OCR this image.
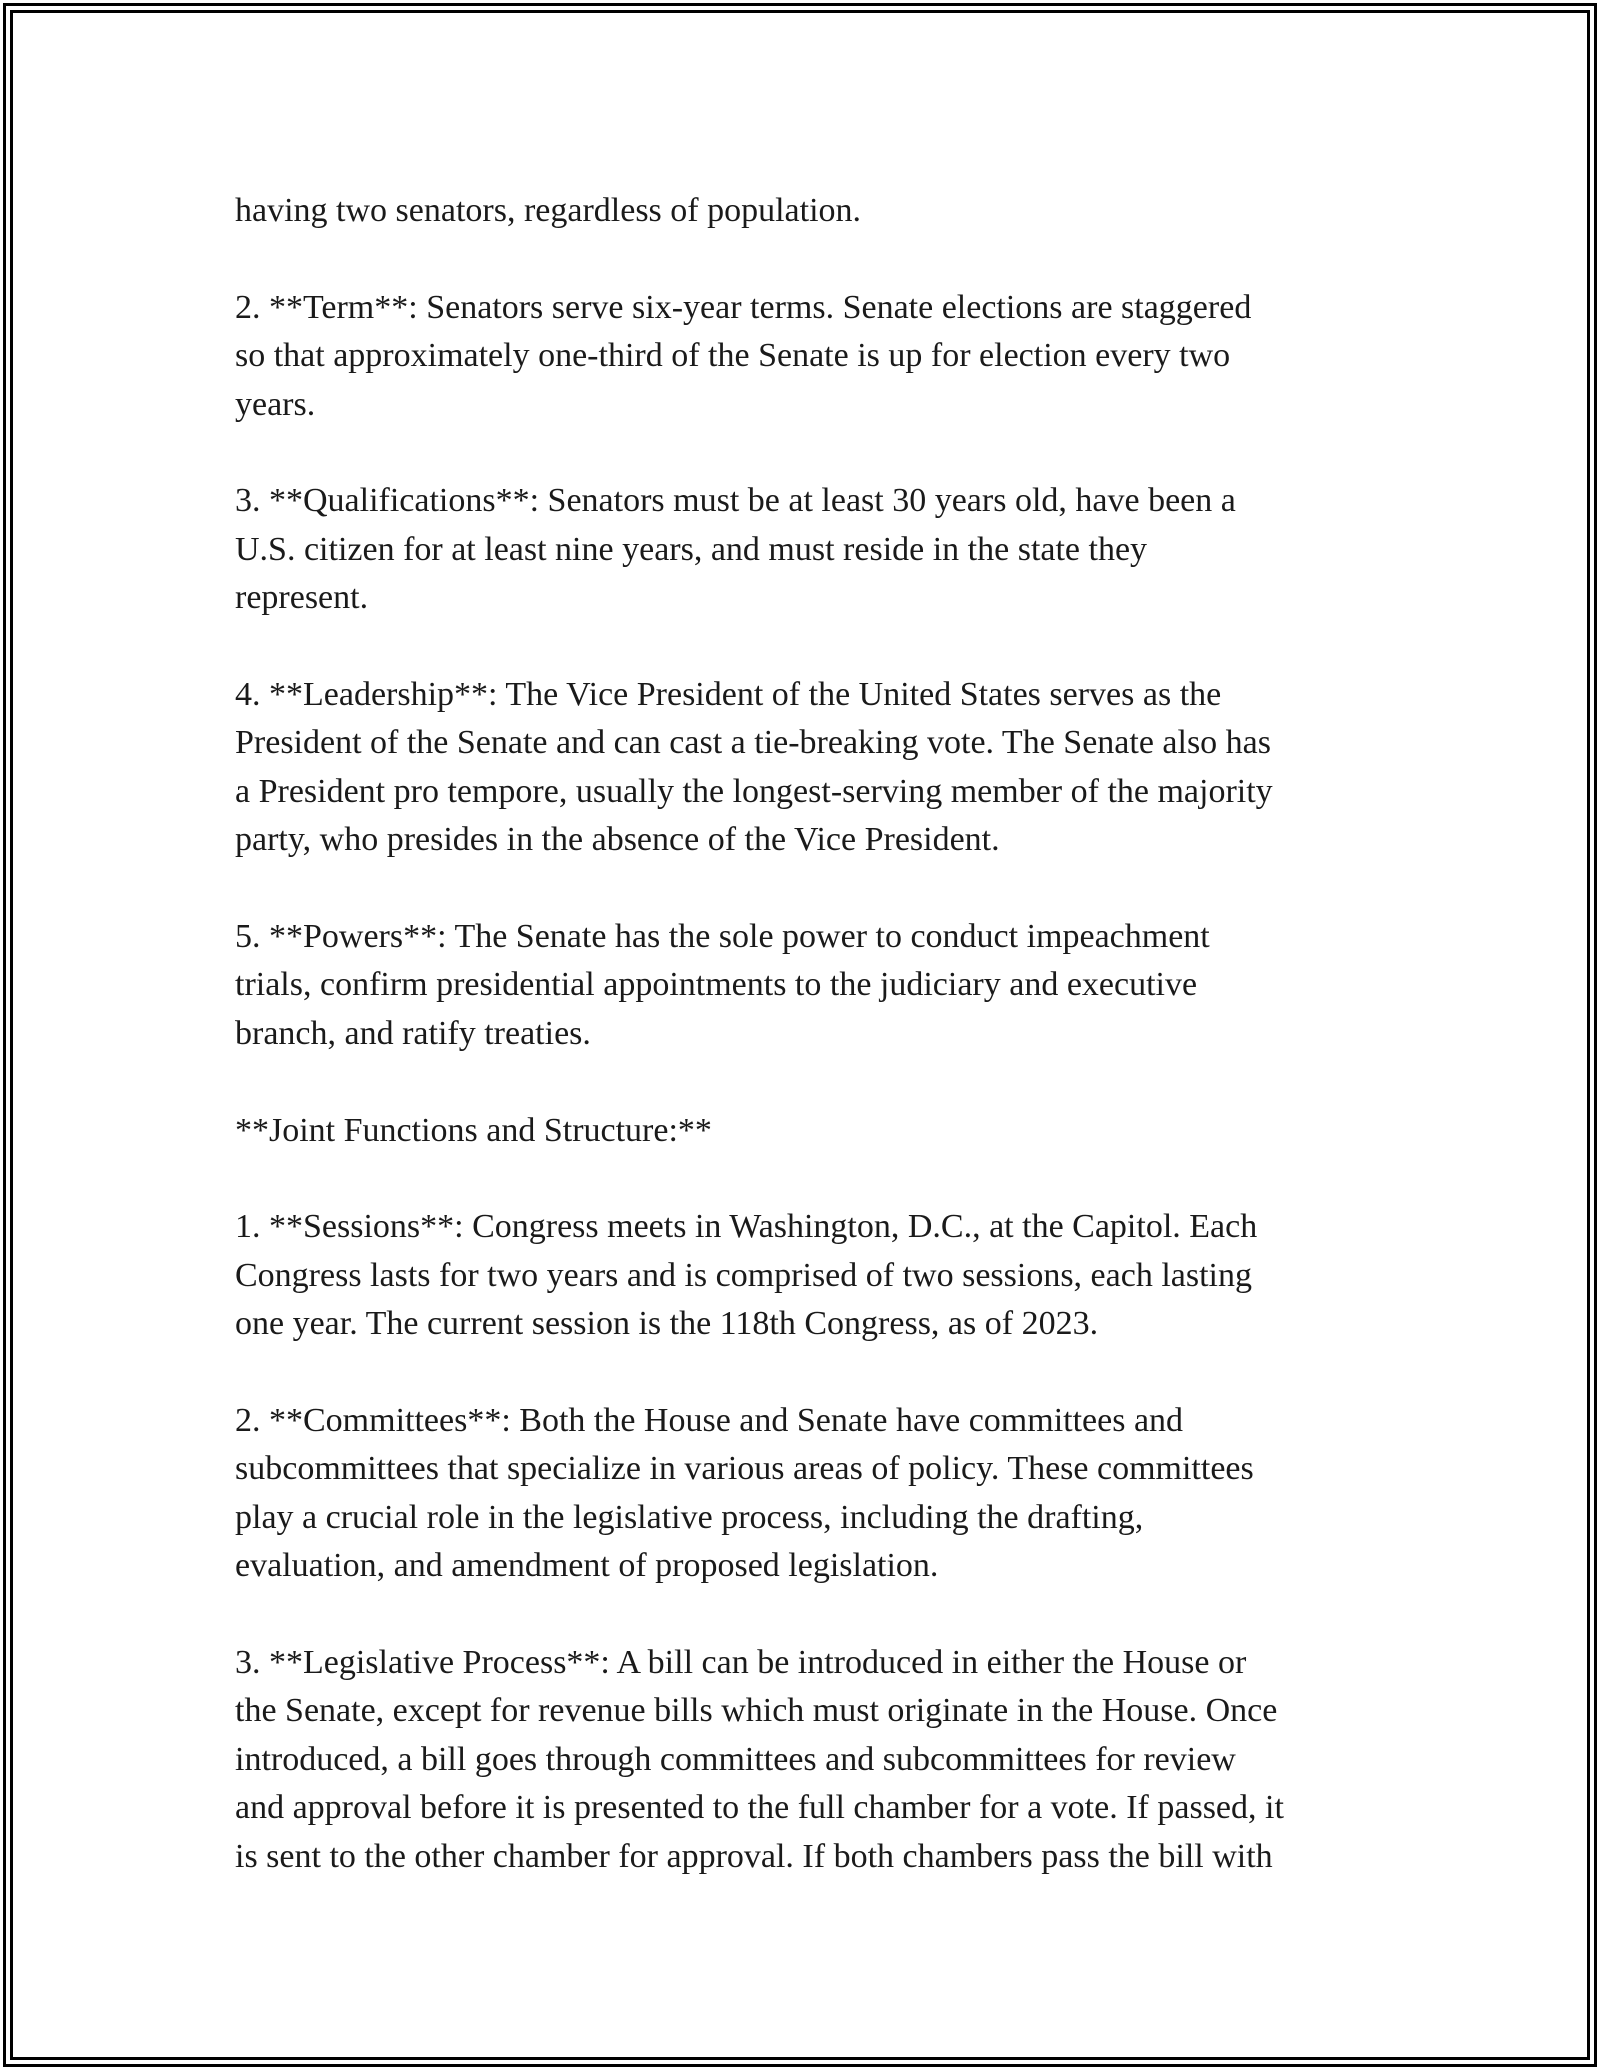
having two senators, regardless of population.

2. **Term**: Senators serve six-year terms. Senate elections are staggered
so that approximately one-third of the Senate is up for election every two
years.

3. **Qualifications**: Senators must be at least 30 years old, have been a
U.S. citizen for at least nine years, and must reside in the state they
represent.

4. **Leadership**: The Vice President of the United States serves as the
President of the Senate and can cast a tie-breaking vote. The Senate also has
a President pro tempore, usually the longest-serving member of the majority
party, who presides in the absence of the Vice President.

5. **Powers**: The Senate has the sole power to conduct impeachment
trials, confirm presidential appointments to the judiciary and executive
branch, and ratify treaties.

**Joint Functions and Structure:**

1. **Sessions**: Congress meets in Washington, D.C., at the Capitol. Each
Congress lasts for two years and is comprised of two sessions, each lasting
one year. The current session is the 118th Congress, as of 2023.

2. **Committees**: Both the House and Senate have committees and
subcommittees that specialize in various areas of policy. These committees
play a crucial role in the legislative process, including the drafting,
evaluation, and amendment of proposed legislation.

3. **Legislative Process**: A bill can be introduced in either the House or
the Senate, except for revenue bills which must originate in the House. Once
introduced, a bill goes through committees and subcommittees for review
and approval before it is presented to the full chamber for a vote. If passed, it
is sent to the other chamber for approval. If both chambers pass the bill with
